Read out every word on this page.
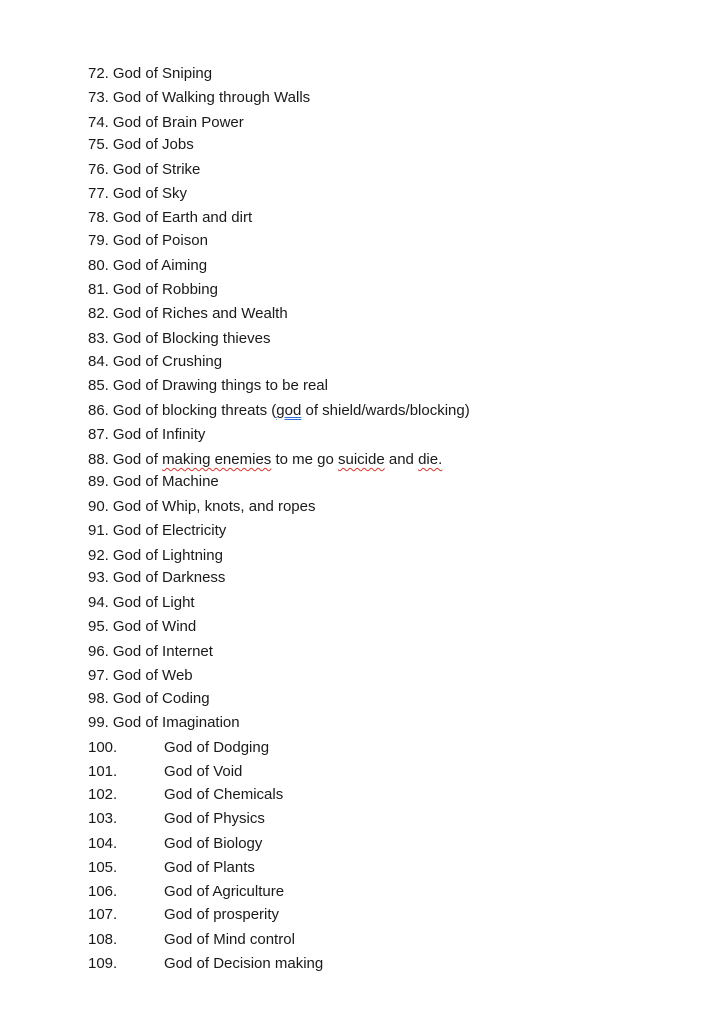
72. God of Sniping
73. God of Walking through Walls
74. God of Brain Power
75. God of Jobs
76. God of Strike
77. God of Sky
78. God of Earth and dirt
79. God of Poison
80. God of Aiming
81. God of Robbing
82. God of Riches and Wealth
83. God of Blocking thieves
84. God of Crushing
85. God of Drawing things to be real
86. God of blocking threats (god of shield/wards/blocking)
87. God of Infinity
88. God of making enemies to me go suicide and die.
89. God of Machine
90. God of Whip, knots, and ropes
91. God of Electricity
92. God of Lightning
93. God of Darkness
94. God of Light
95. God of Wind
96. God of Internet
97. God of Web
98. God of Coding
99. God of Imagination
100.	God of Dodging
101.	God of Void
102.	God of Chemicals
103.	God of Physics
104.	God of Biology
105.	God of Plants
106.	God of Agriculture
107.	God of prosperity
108.	God of Mind control
109.	God of Decision making
